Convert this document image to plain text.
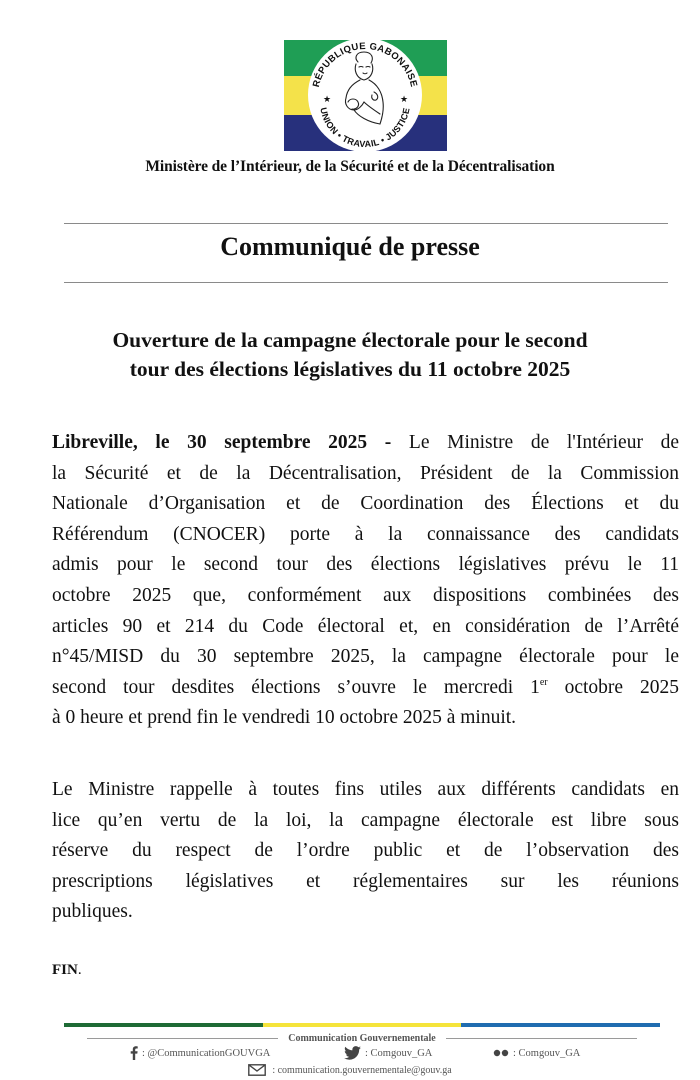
RÉPUBLIQUE GABONAISE
UNION • TRAVAIL • JUSTICE
★	★
Ministère de l’Intérieur, de la Sécurité et de la Décentralisation
Communiqué de presse
Ouverture de la campagne électorale pour le second
tour des élections législatives du 11 octobre 2025
Libreville, le 30 septembre 2025 - Le Ministre de l'Intérieur de
la Sécurité et de la Décentralisation, Président de la Commission
Nationale d’Organisation et de Coordination des Élections et du
Référendum (CNOCER) porte à la connaissance des candidats
admis pour le second tour des élections législatives prévu le 11
octobre 2025 que, conformément aux dispositions combinées des
articles 90 et 214 du Code électoral et, en considération de l’Arrêté
n°45/MISD du 30 septembre 2025, la campagne électorale pour le
second tour desdites élections s’ouvre le mercredi 1er octobre 2025
à 0 heure et prend fin le vendredi 10 octobre 2025 à minuit.
Le Ministre rappelle à toutes fins utiles aux différents candidats en
lice qu’en vertu de la loi, la campagne électorale est libre sous
réserve du respect de l’ordre public et de l’observation des
prescriptions législatives et réglementaires sur les réunions
publiques.
FIN.
Communication Gouvernementale
: @CommunicationGOUVGA	: Comgouv_GA	: Comgouv_GA
: communication.gouvernementale@gouv.ga
